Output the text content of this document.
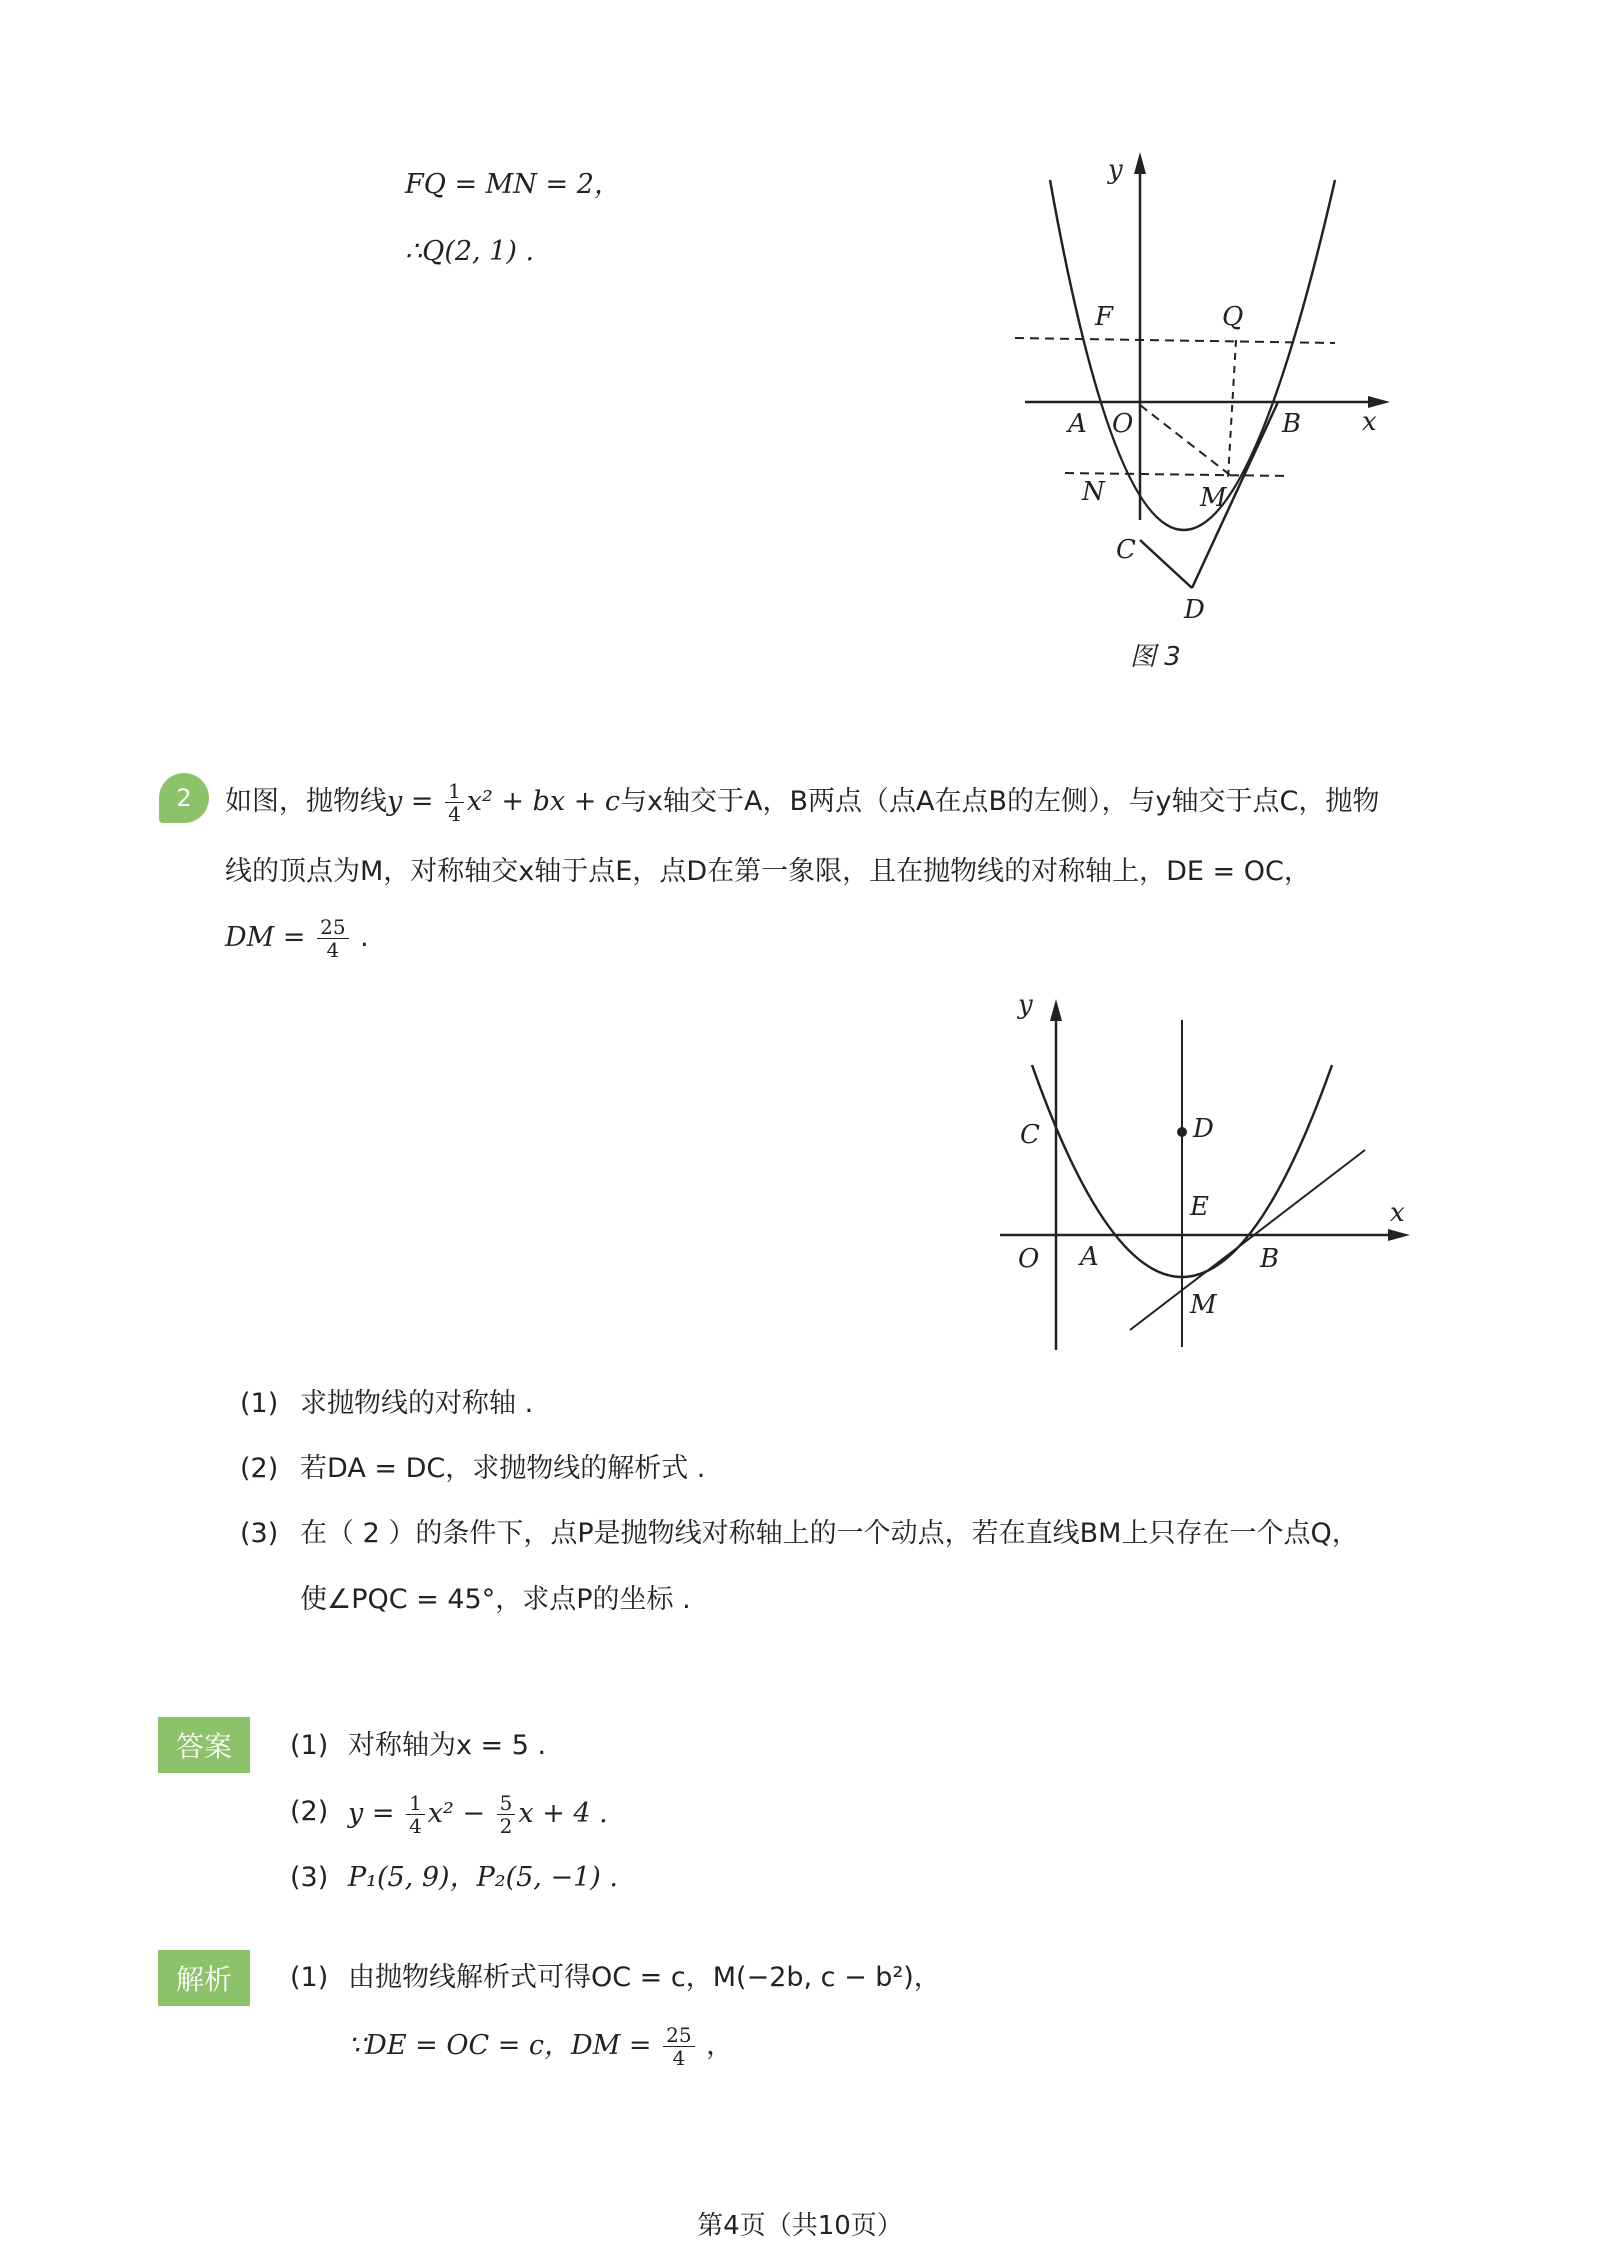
FQ = MN = 2，
∴Q(2, 1) .
y
x
F	Q
A O	B
N	M
C
D
图 3
2	如图，抛物线$y = \frac{1}{4} x^2$ + bx + c与x轴交于A，B两点（点A在点B的左侧），与y轴交于点C，抛物
线的顶点为M，对称轴交x轴于点E，点D在第一象限，且在抛物线的对称轴上，DE = OC，
DM = $\frac{25}{4}$ .
y
x
C	D
E
O A	B
M
(1) 求抛物线的对称轴 .
(2) 若DA = DC，求抛物线的解析式 .
(3) 在（ 2 ）的条件下，点P是抛物线对称轴上的一个动点，若在直线BM上只存在一个点Q，
使∠PQC = 45°，求点P的坐标 .
答案	(1) 对称轴为x = 5 .
(2) $y = \frac{1}{4} x^2 - \frac{5}{2}$ x + 4 .
(3) P₁(5, 9)，P₂(5, −1) .
解析	(1) 由抛物线解析式可得OC = c，M(−2b, c − b²)，
∵DE = OC = c，DM = $\frac{25}{4}$ ，
第4页（共10页）
